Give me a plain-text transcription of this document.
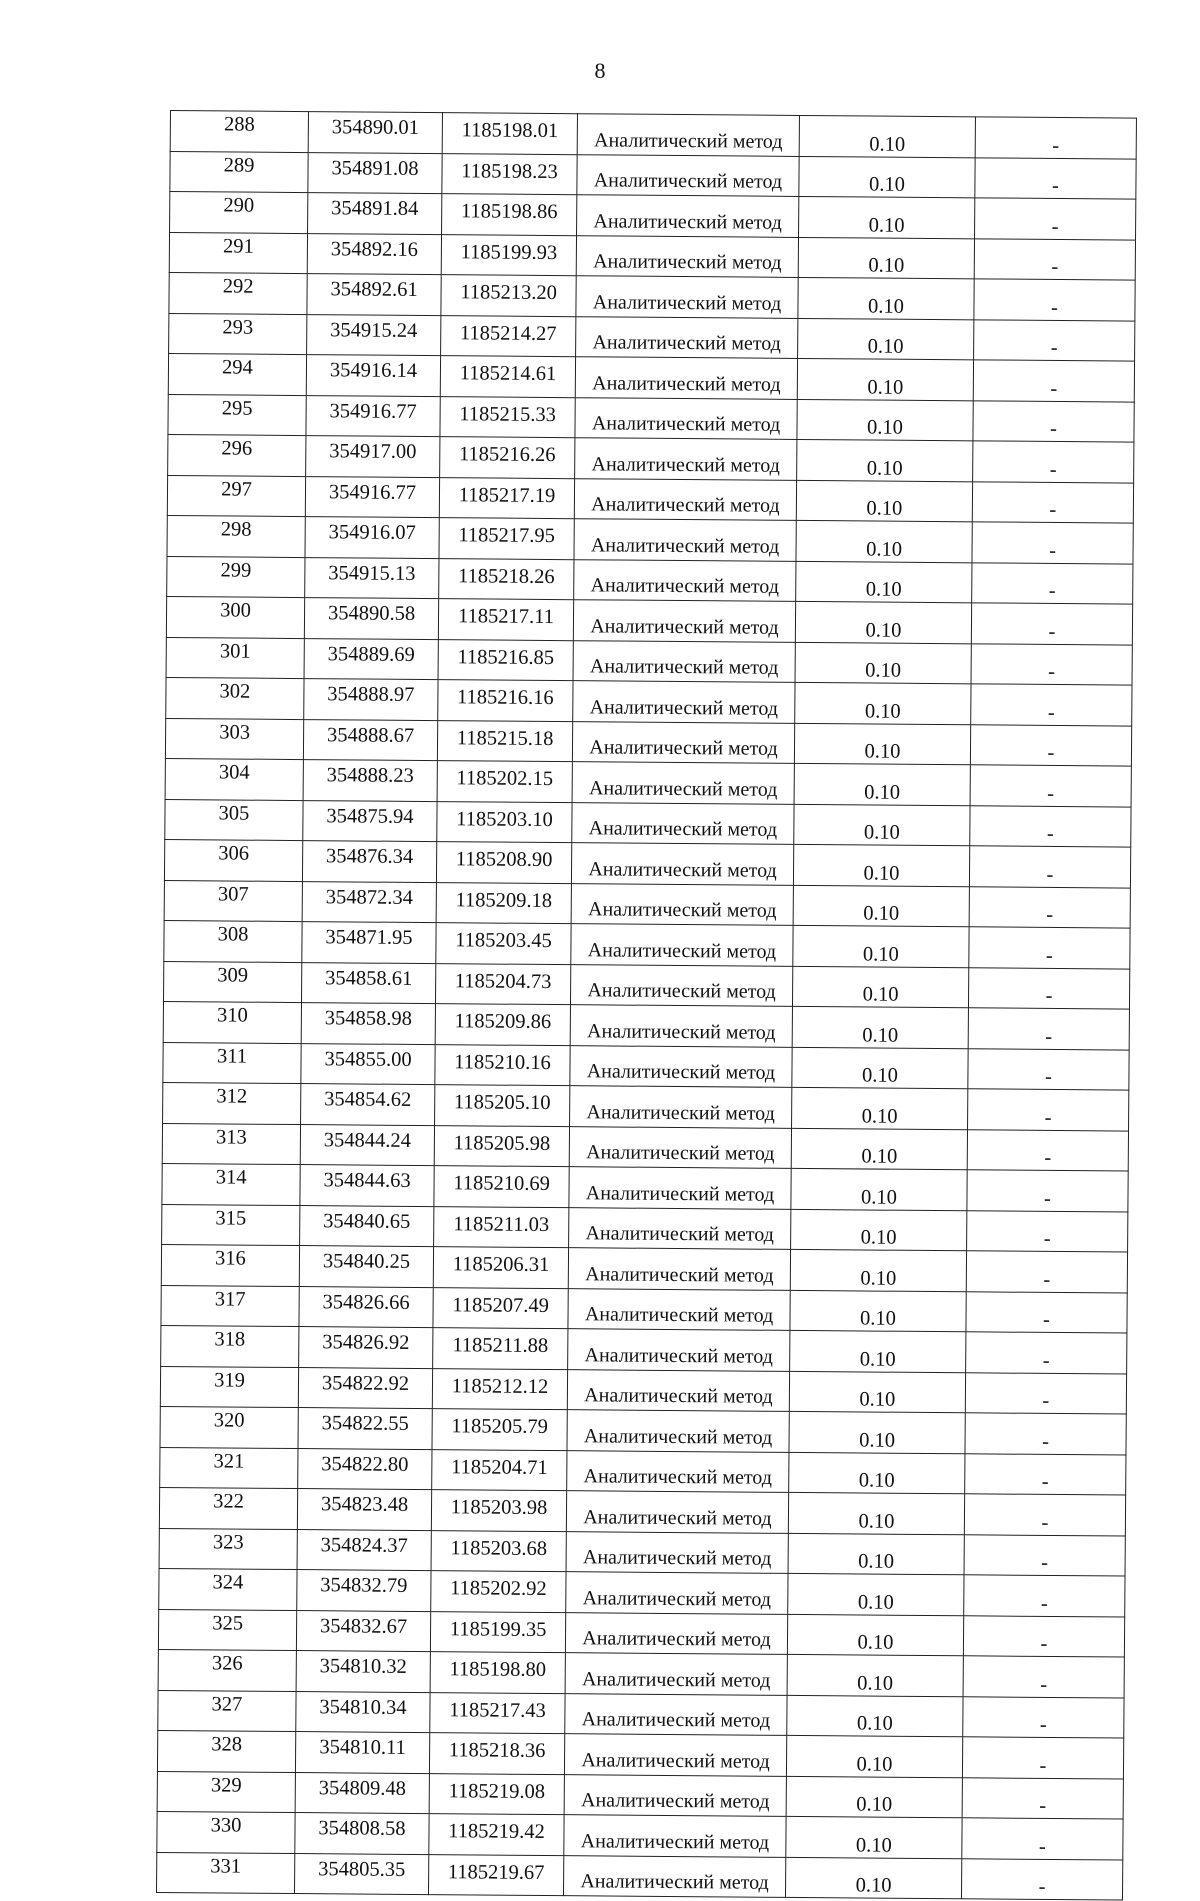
8
288	354890.01	1185198.01	Аналитический метод	0.10	-
289	354891.08	1185198.23	Аналитический метод	0.10	-
290	354891.84	1185198.86	Аналитический метод	0.10	-
291	354892.16	1185199.93	Аналитический метод	0.10	-
292	354892.61	1185213.20	Аналитический метод	0.10	-
293	354915.24	1185214.27	Аналитический метод	0.10	-
294	354916.14	1185214.61	Аналитический метод	0.10	-
295	354916.77	1185215.33	Аналитический метод	0.10	-
296	354917.00	1185216.26	Аналитический метод	0.10	-
297	354916.77	1185217.19	Аналитический метод	0.10	-
298	354916.07	1185217.95	Аналитический метод	0.10	-
299	354915.13	1185218.26	Аналитический метод	0.10	-
300	354890.58	1185217.11	Аналитический метод	0.10	-
301	354889.69	1185216.85	Аналитический метод	0.10	-
302	354888.97	1185216.16	Аналитический метод	0.10	-
303	354888.67	1185215.18	Аналитический метод	0.10	-
304	354888.23	1185202.15	Аналитический метод	0.10	-
305	354875.94	1185203.10	Аналитический метод	0.10	-
306	354876.34	1185208.90	Аналитический метод	0.10	-
307	354872.34	1185209.18	Аналитический метод	0.10	-
308	354871.95	1185203.45	Аналитический метод	0.10	-
309	354858.61	1185204.73	Аналитический метод	0.10	-
310	354858.98	1185209.86	Аналитический метод	0.10	-
311	354855.00	1185210.16	Аналитический метод	0.10	-
312	354854.62	1185205.10	Аналитический метод	0.10	-
313	354844.24	1185205.98	Аналитический метод	0.10	-
314	354844.63	1185210.69	Аналитический метод	0.10	-
315	354840.65	1185211.03	Аналитический метод	0.10	-
316	354840.25	1185206.31	Аналитический метод	0.10	-
317	354826.66	1185207.49	Аналитический метод	0.10	-
318	354826.92	1185211.88	Аналитический метод	0.10	-
319	354822.92	1185212.12	Аналитический метод	0.10	-
320	354822.55	1185205.79	Аналитический метод	0.10	-
321	354822.80	1185204.71	Аналитический метод	0.10	-
322	354823.48	1185203.98	Аналитический метод	0.10	-
323	354824.37	1185203.68	Аналитический метод	0.10	-
324	354832.79	1185202.92	Аналитический метод	0.10	-
325	354832.67	1185199.35	Аналитический метод	0.10	-
326	354810.32	1185198.80	Аналитический метод	0.10	-
327	354810.34	1185217.43	Аналитический метод	0.10	-
328	354810.11	1185218.36	Аналитический метод	0.10	-
329	354809.48	1185219.08	Аналитический метод	0.10	-
330	354808.58	1185219.42	Аналитический метод	0.10	-
331	354805.35	1185219.67	Аналитический метод	0.10	-
